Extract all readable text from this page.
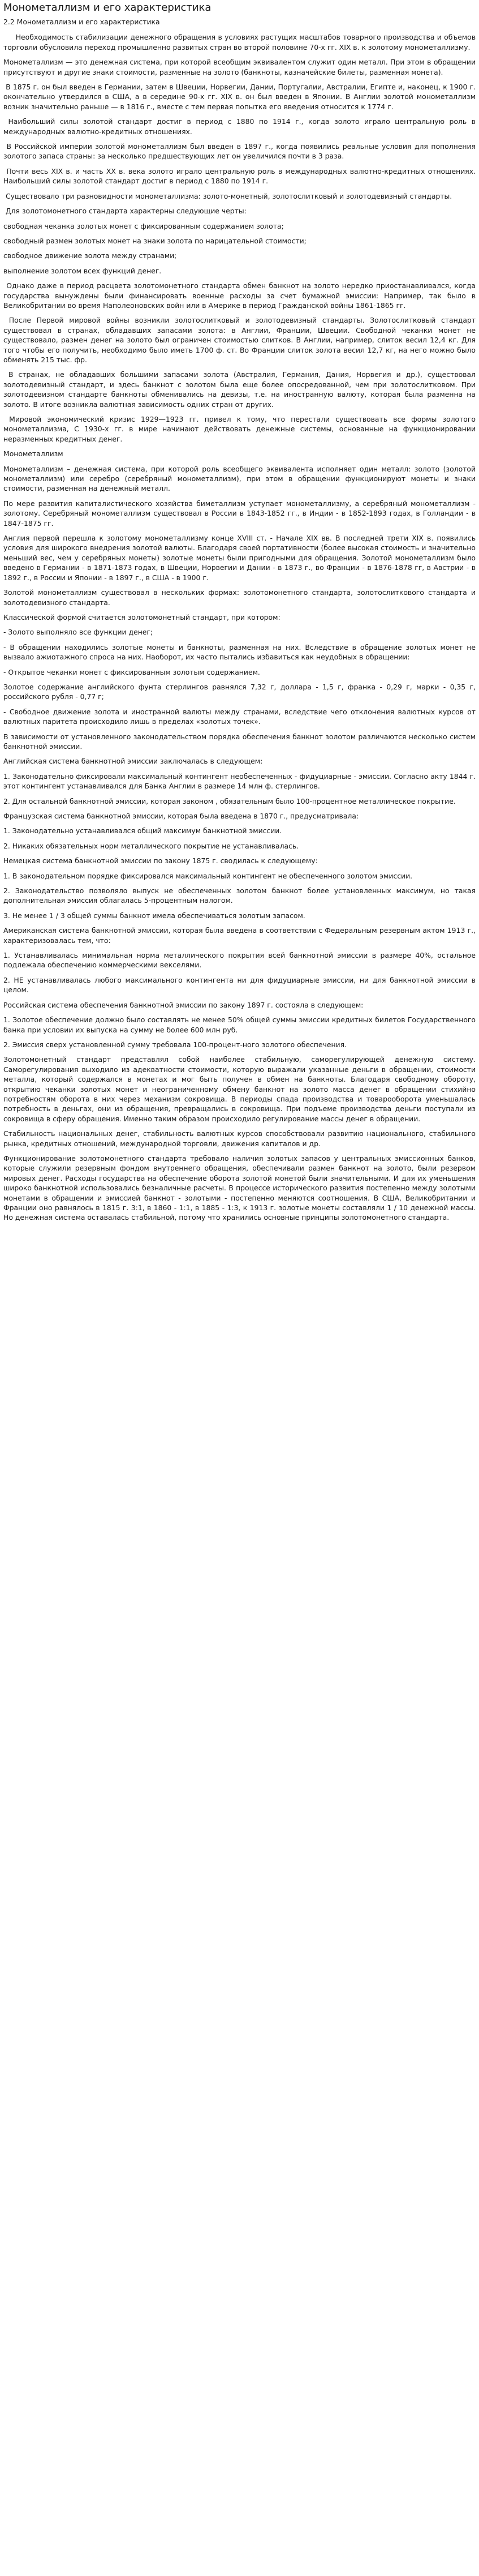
Монометаллизм и его характеристика

2.2 Монометаллизм и его характеристика

Необходимость стабилизации денежного обращения в условиях растущих масштабов товарного производства и объемов торговли обусловила переход промышленно развитых стран во второй половине 70-х гг. XIX в. к золотому монометаллизму.

Монометаллизм — это денежная система, при которой всеобщим эквивалентом служит один металл. При этом в обращении присутствуют и другие знаки стоимости, разменные на золото (банкноты, казначейские билеты, разменная монета).

В 1875 г. он был введен в Германии, затем в Швеции, Норвегии, Дании, Португалии, Австралии, Египте и, наконец, к 1900 г. окончательно утвердился в США, а в середине 90-х гг. XIX в. он был введен в Японии. В Англии золотой монометаллизм возник значительно раньше — в 1816 г., вместе с тем первая попытка его введения относится к 1774 г.

Наибольший силы золотой стандарт достиг в период с 1880 по 1914 г., когда золото играло центральную роль в международных валютно-кредитных отношениях.

В Российской империи золотой монометаллизм был введен в 1897 г., когда появились реальные условия для пополнения золотого запаса страны: за несколько предшествующих лет он увеличился почти в 3 раза.

Почти весь XIX в. и часть XX в. века золото играло центральную роль в международных валютно-кредитных отношениях. Наибольший силы золотой стандарт достиг в период с 1880 по 1914 г.

Существовало три разновидности монометаллизма: золото-монетный, золотослитковый и золотодевизный стандарты.

Для золотомонетного стандарта характерны следующие черты:

свободная чеканка золотых монет с фиксированным содержанием золота;

свободный размен золотых монет на знаки золота по нарицательной стоимости;

свободное движение золота между странами;

выполнение золотом всех функций денег.

Однако даже в период расцвета золотомонетного стандарта обмен банкнот на золото нередко приостанавливался, когда государства вынуждены были финансировать военные расходы за счет бумажной эмиссии: Например, так было в Великобритании во время Наполеоновских войн или в Америке в период Гражданской войны 1861-1865 гг.

После Первой мировой войны возникли золотослитковый и золотодевизный стандарты. Золотослитковый стандарт существовал в странах, обладавших запасами золота: в Англии, Франции, Швеции. Свободной чеканки монет не существовало, размен денег на золото был ограничен стоимостью слитков. В Англии, например, слиток весил 12,4 кг. Для того чтобы его получить, необходимо было иметь 1700 ф. ст. Во Франции слиток золота весил 12,7 кг, на него можно было обменять 215 тыс. фр.

В странах, не обладавших большими запасами золота (Австралия, Германия, Дания, Норвегия и др.), существовал золотодевизный стандарт, и здесь банкнот с золотом была еще более опосредованной, чем при золотослитковом. При золотодевизном стандарте банкноты обменивались на девизы, т.е. на иностранную валюту, которая была разменна на золото. В итоге возникла валютная зависимость одних стран от других.

Мировой экономический кризис 1929—1923 гг. привел к тому, что перестали существовать все формы золотого монометаллизма, С 1930-х гг. в мире начинают действовать денежные системы, основанные на функционировании неразменных кредитных денег.

Монометаллизм

Монометаллизм – денежная система, при которой роль всеобщего эквивалента исполняет один металл: золото (золотой монометаллизм) или серебро (серебряный монометаллизм), при этом в обращении функционируют монеты и знаки стоимости, разменная на денежный металл.

По мере развития капиталистического хозяйства биметаллизм уступает монометаллизму, а серебряный монометаллизм - золотому. Серебряный монометаллизм существовал в России в 1843-1852 гг., в Индии - в 1852-1893 годах, в Голландии - в 1847-1875 гг.

Англия первой перешла к золотому монометаллизму конце XVIII ст. - Начале XIX вв. В последней трети XIX в. появились условия для широкого внедрения золотой валюты. Благодаря своей портативности (более высокая стоимость и значительно меньший вес, чем у серебряных монеты) золотые монеты были пригодными для обращения. Золотой монометаллизм было введено в Германии - в 1871-1873 годах, в Швеции, Норвегии и Дании - в 1873 г., во Франции - в 1876-1878 гг, в Австрии - в 1892 г., в России и Японии - в 1897 г., в США - в 1900 г.

Золотой монометаллизм существовал в нескольких формах: золотомонетного стандарта, золотослиткового стандарта и золотодевизного стандарта.

Классической формой считается золотомонетный стандарт, при котором:

- Золото выполняло все функции денег;

- В обращении находились золотые монеты и банкноты, разменная на них. Вследствие в обращение золотых монет не вызвало ажиотажного спроса на них. Наоборот, их часто пытались избавиться как неудобных в обращении:

- Открытое чеканки монет с фиксированным золотым содержанием.

Золотое содержание английского фунта стерлингов равнялся 7,32 г, доллара - 1,5 г, франка - 0,29 г, марки - 0,35 г, российского рубля - 0,77 г;

- Свободное движение золота и иностранной валюты между странами, вследствие чего отклонения валютных курсов от валютных паритета происходило лишь в пределах «золотых точек».

В зависимости от установленного законодательством порядка обеспечения банкнот золотом различаются несколько систем банкнотной эмиссии.

Английская система банкнотной эмиссии заключалась в следующем:

1. Законодательно фиксировали максимальный контингент необеспеченных - фидуциарные - эмиссии. Согласно акту 1844 г. этот контингент устанавливался для Банка Англии в размере 14 млн ф. стерлингов.

2. Для остальной банкнотной эмиссии, которая законом , обязательным было 100-процентное металлическое покрытие.

Французская система банкнотной эмиссии, которая была введена в 1870 г., предусматривала:

1. Законодательно устанавливался общий максимум банкнотной эмиссии.

2. Никаких обязательных норм металлического покрытие не устанавливалась.

Немецкая система банкнотной эмиссии по закону 1875 г. сводилась к следующему:

1. В законодательном порядке фиксировался максимальный контингент не обеспеченного золотом эмиссии.

2. Законодательство позволяло выпуск не обеспеченных золотом банкнот более установленных максимум, но такая дополнительная эмиссия облагалась 5-процентным налогом.

3. Не менее 1 / 3 общей суммы банкнот имела обеспечиваться золотым запасом.

Американская система банкнотной эмиссии, которая была введена в соответствии с Федеральным резервным актом 1913 г., характеризовалась тем, что:

1. Устанавливалась минимальная норма металлического покрытия всей банкнотной эмиссии в размере 40%, остальное подлежала обеспечению коммерческими векселями.

2. НЕ устанавливалась любого максимального контингента ни для фидуциарные эмиссии, ни для банкнотной эмиссии в целом.

Российская система обеспечения банкнотной эмиссии по закону 1897 г. состояла в следующем:

1. Золотое обеспечение должно было составлять не менее 50% общей суммы эмиссии кредитных билетов Государственного банка при условии их выпуска на сумму не более 600 млн руб.

2. Эмиссия сверх установленной сумму требовала 100-процент-ного золотого обеспечения.

Золотомонетный стандарт представлял собой наиболее стабильную, саморегулирующей денежную систему. Саморегулирования выходило из адекватности стоимости, которую выражали указанные деньги в обращении, стоимости металла, который содержался в монетах и мог быть получен в обмен на банкноты. Благодаря свободному обороту, открытию чеканки золотых монет и неограниченному обмену банкнот на золото масса денег в обращении стихийно потребностям оборота в них через механизм сокровища. В периоды спада производства и товарооборота уменьшалась потребность в деньгах, они из обращения, превращались в сокровища. При подъеме производства деньги поступали из сокровища в сферу обращения. Именно таким образом происходило регулирование массы денег в обращении.

Стабильность национальных денег, стабильность валютных курсов способствовали развитию национального, стабильного рынка, кредитных отношений, международной торговли, движения капиталов и др.

Функционирование золотомонетного стандарта требовало наличия золотых запасов у центральных эмиссионных банков, которые служили резервным фондом внутреннего обращения, обеспечивали размен банкнот на золото, были резервом мировых денег. Расходы государства на обеспечение оборота золотой монетой были значительными. И для их уменьшения широко банкнотной использовались безналичные расчеты. В процессе исторического развития постепенно между золотыми монетами в обращении и эмиссией банкнот - золотыми - постепенно меняются соотношения. В США, Великобритании и Франции оно равнялось в 1815 г. 3:1, в 1860 - 1:1, в 1885 - 1:3, к 1913 г. золотые монеты составляли 1 / 10 денежной массы. Но денежная система оставалась стабильной, потому что хранились основные принципы золотомонетного стандарта.
